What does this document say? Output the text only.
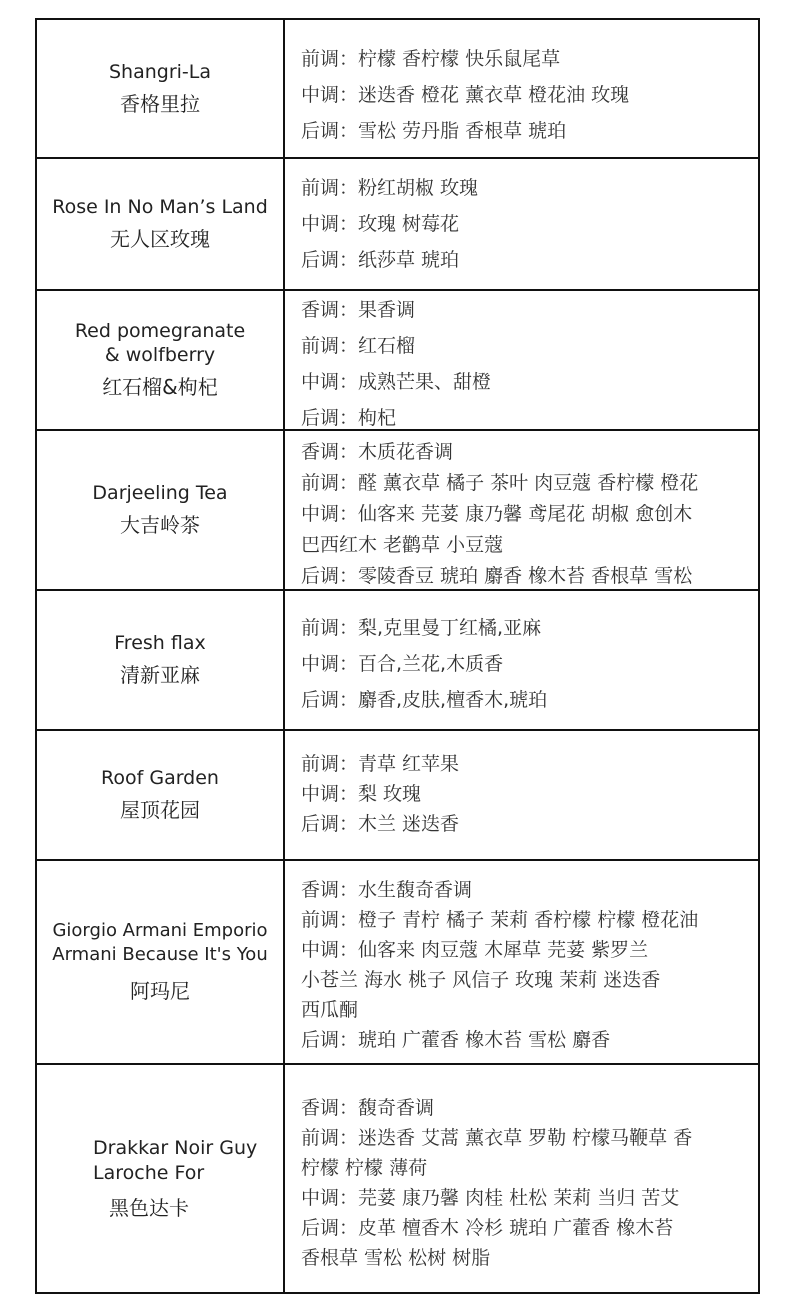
Shangri-La
香格里拉
前调：柠檬 香柠檬 快乐鼠尾草
中调：迷迭香 橙花 薰衣草 橙花油 玫瑰
后调：雪松 劳丹脂 香根草 琥珀
Rose In No Man’s Land
无人区玫瑰
前调：粉红胡椒 玫瑰
中调：玫瑰 树莓花
后调：纸莎草 琥珀
Red pomegranate
& wolfberry
红石榴&枸杞
香调：果香调
前调：红石榴
中调：成熟芒果、甜橙
后调：枸杞
Darjeeling Tea
大吉岭茶
香调：木质花香调
前调：醛 薰衣草 橘子 茶叶 肉豆蔻 香柠檬 橙花
中调：仙客来 芫荽 康乃馨 鸢尾花 胡椒 愈创木
巴西红木 老鹳草 小豆蔻
后调：零陵香豆 琥珀 麝香 橡木苔 香根草 雪松
Fresh flax
清新亚麻
前调：梨,克里曼丁红橘,亚麻
中调：百合,兰花,木质香
后调：麝香,皮肤,檀香木,琥珀
Roof Garden
屋顶花园
前调：青草 红苹果
中调：梨 玫瑰
后调：木兰 迷迭香
Giorgio Armani Emporio
Armani Because It's You
阿玛尼
香调：水生馥奇香调
前调：橙子 青柠 橘子 茉莉 香柠檬 柠檬 橙花油
中调：仙客来 肉豆蔻 木犀草 芫荽 紫罗兰
小苍兰 海水 桃子 风信子 玫瑰 茉莉 迷迭香
西瓜酮
后调：琥珀 广藿香 橡木苔 雪松 麝香
Drakkar Noir Guy
Laroche For
黑色达卡
香调：馥奇香调
前调：迷迭香 艾蒿 薰衣草 罗勒 柠檬马鞭草 香
柠檬 柠檬 薄荷
中调：芫荽 康乃馨 肉桂 杜松 茉莉 当归 苦艾
后调：皮革 檀香木 冷杉 琥珀 广藿香 橡木苔
香根草 雪松 松树 树脂
